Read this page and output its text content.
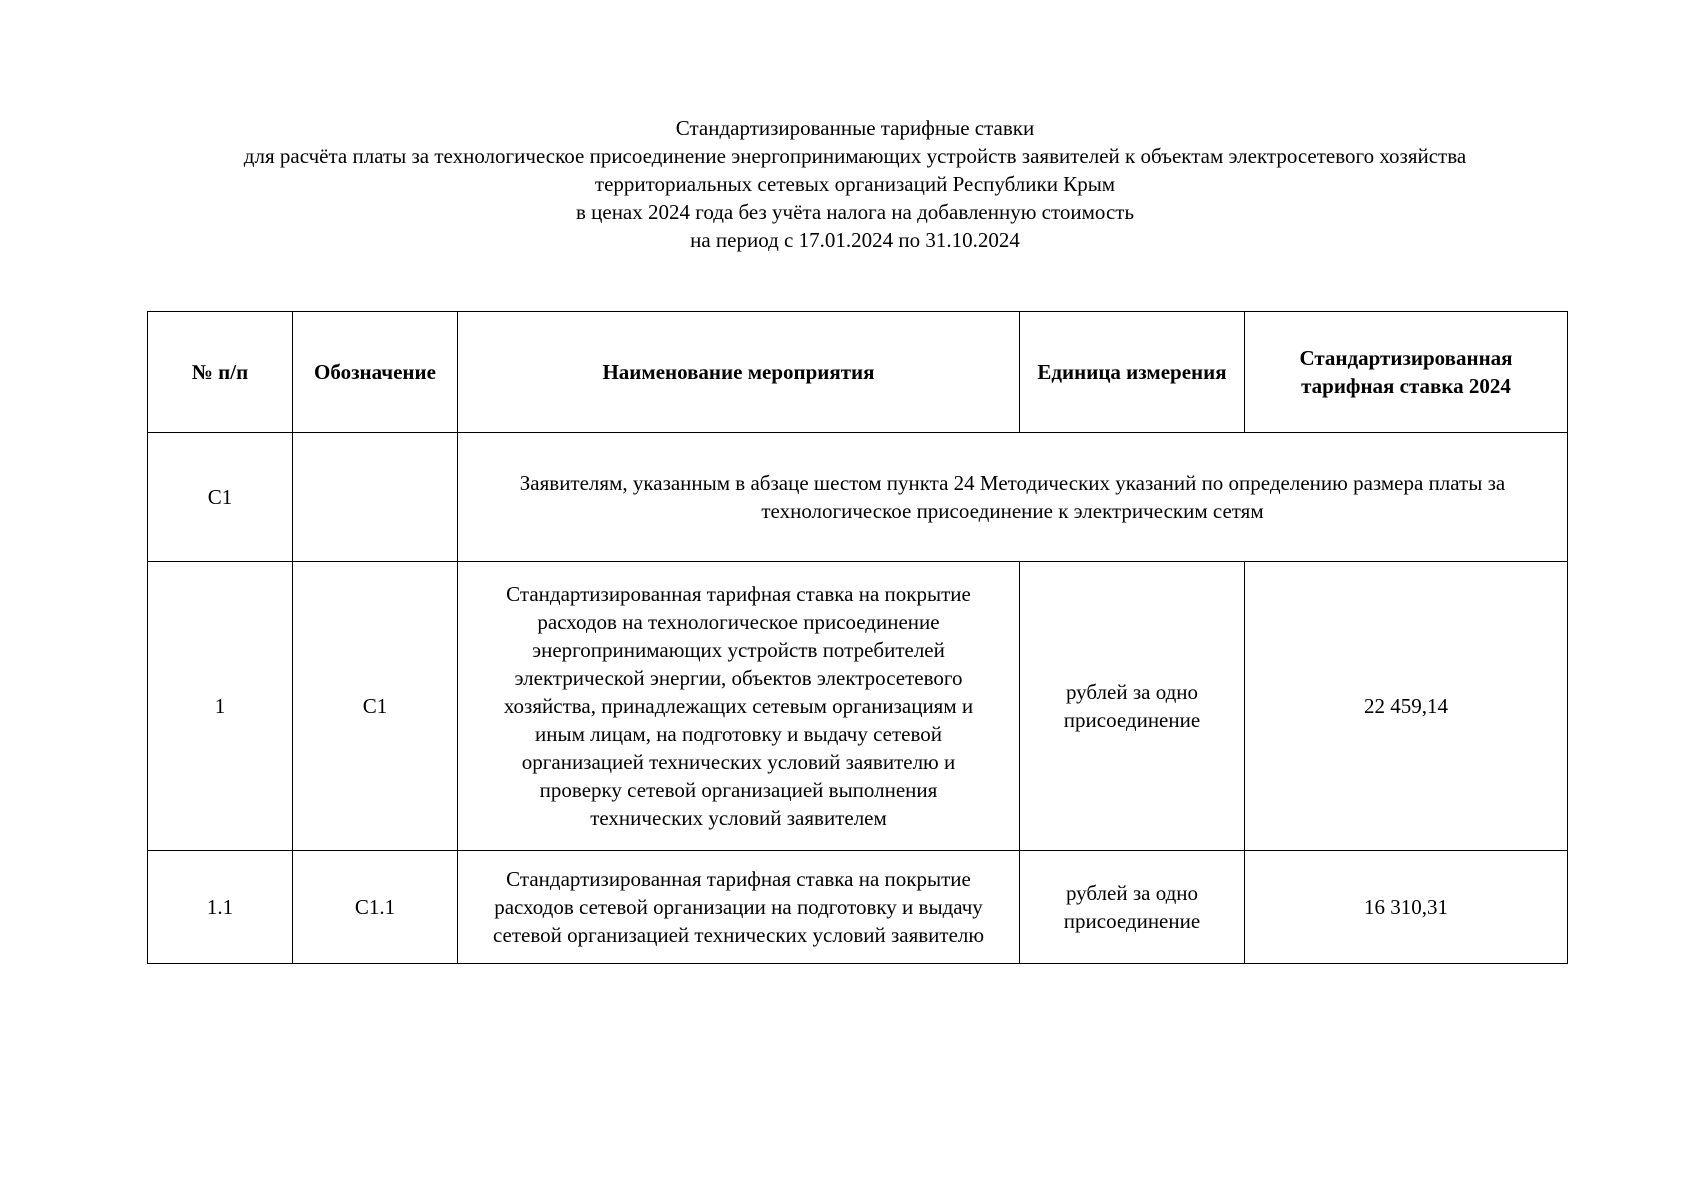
Стандартизированные тарифные ставки
для расчёта платы за технологическое присоединение энергопринимающих устройств заявителей к объектам электросетевого хозяйства
территориальных сетевых организаций Республики Крым
в ценах 2024 года без учёта налога на добавленную стоимость
на период с 17.01.2024 по 31.10.2024
№ п/п	Обозначение	Наименование мероприятия	Единица измерения	Стандартизированная тарифная ставка 2024
С1		Заявителям, указанным в абзаце шестом пункта 24 Методических указаний по определению размера платы за технологическое присоединение к электрическим сетям		
1	С1	Стандартизированная тарифная ставка на покрытие расходов на технологическое присоединение энергопринимающих устройств потребителей электрической энергии, объектов электросетевого хозяйства, принадлежащих сетевым организациям и иным лицам, на подготовку и выдачу сетевой организацией технических условий заявителю и проверку сетевой организацией выполнения технических условий заявителем	рублей за одно присоединение	22 459,14
1.1	С1.1	Стандартизированная тарифная ставка на покрытие расходов сетевой организации на подготовку и выдачу сетевой организацией технических условий заявителю	рублей за одно присоединение	16 310,31
